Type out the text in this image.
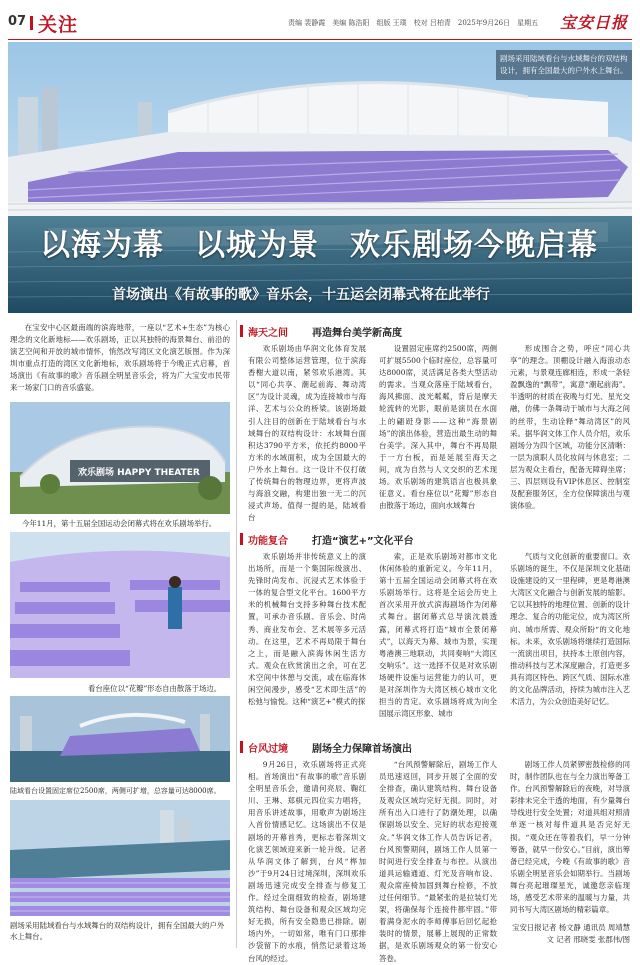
07 关注	责编 裴静霞　美编 陈浩阳　组版 王璞　校对 吕柏青　2025年9月26日　星期五 宝安日报
剧场采用陆域看台与水域舞台的双结构设计，拥有全国最大的户外水上舞台。
以海为幕　以城为景　欢乐剧场今晚启幕
首场演出《有故事的歌》音乐会，十五运会闭幕式将在此举行

在宝安中心区最南端的滨海地带，一座以“艺术+生态”为核心理念的文化新地标——欢乐剧场，正以其独特的海景舞台、前沿的演艺空间和开放的城市情怀，悄然改写湾区文化演艺版图。作为深圳市重点打造的湾区文化新地标，欢乐剧场将于今晚正式启幕，首场演出《有故事的歌》音乐剧全明星音乐会，将为广大宝安市民带来一场家门口的音乐盛宴。

欢乐剧场 HAPPY THEATER
今年11月，第十五届全国运动会闭幕式将在欢乐剧场举行。
看台座位以“花瓣”形态自由散落于场边。
陆域看台设置固定席位2500席，两侧可扩增，总容量可达8000席。
剧场采用陆域看台与水域舞台的双结构设计，拥有全国最大的户外水上舞台。
海天之间 再造舞台美学新高度

欢乐剧场由华润文化体育发展有限公司整体运营管理，位于滨海香榭大道以南，紧邻欢乐港湾。其以“同心共享、潮起前海、舞动湾区”为设计灵魂，成为连接城市与海洋、艺术与公众的桥梁。该剧场最引人注目的创新在于陆域看台与水域舞台的双结构设计：水域舞台面积达3790平方米，依托约8000平方米的水域面积，成为全国最大的户外水上舞台。这一设计不仅打破了传统舞台的物理边界，更将声波与海浪交融，构建出独一无二的沉浸式声场。值得一提的是，陆域看台

设置固定座席约2500席，两侧可扩展5500个临时座位，总容量可达8000席，灵活满足各类大型活动的需求。当观众落座于陆域看台，海风拂面、波光粼粼，背后是摩天轮流转的光影，眼前是演员在水面上的翩跹身影——这种“海景剧场”的演出体验，营造出最生动的舞台美学。深入其中，舞台不再局限于一方台板，而是延展至海天之间，成为自然与人文交织的艺术现场。欢乐剧场的建筑语言也极具象征意义。看台座位以“花瓣”形态自由散落于场边，面向水域舞台

形成围合之势，呼应“同心共享”的理念。顶棚设计融入海浪动态元素，与景观连廊相连，形成一条轻盈飘逸的“飘带”，寓意“潮起前海”。半透明的材质在夜晚与灯光、星光交融，仿佛一条舞动于城市与大海之间的丝带，生动诠释“舞动湾区”的风采。据华润文体工作人员介绍，欢乐剧场分为四个区域，功能分区清晰：一层为演职人员化妆间与休息室；二层为观众主看台，配备无障碍坐席；三、四层则设有VIP休息区、控制室及配套服务区，全方位保障演出与观演体验。

功能复合 打造“演艺+”文化平台

欢乐剧场并非传统意义上的演出场所，而是一个集国际级演出、先锋时尚发布、沉浸式艺术体验于一体的复合型文化平台。1600平方米的机械舞台支持多种舞台技术配置，可承办音乐剧、音乐会、时尚秀、商业发布会、艺术展等多元活动。在这里，艺术不再局限于舞台之上，而是融入滨海休闲生活方式。观众在欣赏演出之余，可在艺术空间中休憩与交流，或在临海休闲空间漫步，感受“艺术即生活”的松弛与愉悦。这种“演艺+”模式的探

索，正是欢乐剧场对都市文化休闲体验的重新定义。今年11月，第十五届全国运动会闭幕式将在欢乐剧场举行。这将是全运会历史上首次采用开放式滨海剧场作为闭幕式舞台。据闭幕式总导演沈晨透露，闭幕式将打造“城市全景闭幕式”，以海天为幕、城市为景，实现粤港澳三地联动，共同奏响“大湾区交响乐”。这一选择不仅是对欢乐剧场硬件设施与运营能力的认可，更是对深圳作为大湾区核心城市文化担当的肯定。欢乐剧场将成为向全国展示湾区形象、城市

气质与文化创新的重要窗口。欢乐剧场的诞生，不仅是深圳文化基础设施建设的又一里程碑，更是粤港澳大湾区文化融合与创新发展的缩影。它以其独特的地理位置、创新的设计理念、复合的功能定位，成为湾区所向、城市所需、观众所盼“的文化地标。未来，欢乐剧场将继续打造国际一流演出项目，扶持本土原创内容，推动科技与艺术深度融合，打造更多具有湾区特色、跨区气质、国际水准的文化品牌活动，持续为城市注入艺术活力，为公众创造美好记忆。

台风过境 剧场全力保障首场演出

9月26日，欢乐剧场将正式亮相。首场演出“有故事的歌”音乐剧全明星音乐会，邀请何亮辰、鞠红川、王琳、郑棋元四位实力唱将，用音乐讲述故事，用歌声为剧场注入首份情感记忆。这场演出不仅是剧场的开幕首秀，更标志着深圳文化演艺领域迎来新一轮升级。记者从华润文体了解到，台风“桦加沙”于9月24日过境深圳，深圳欢乐剧场迅速完成安全排查与修复工作。经过全面细致的检查，剧场建筑结构、舞台设备和观众区域均完好无损，所有安全隐患已排除。剧场内外，一切如常，唯有门口那排沙袋留下的水痕，悄然记录着这场台风的经过。

“台风预警解除后，剧场工作人员迅速返回，同步开展了全面的安全排查，确认建筑结构、舞台设备及观众区域均完好无损。同时，对所有出入口进行了防潮处理，以确保剧场以安全、完好的状态迎接观众。”华润文体工作人员告诉记者，台风预警期间，剧场工作人员第一时间进行安全排查与布控。从演出道具运输通道、灯光及音响布设、观众席座椅加固到舞台检修，不放过任何细节。“最紧张的是拉装灯光架，将确保每个连接件都牢固。”带着满身泥水的李师傅事后回忆起抢装时的情景，展幕上展现的正常数据，是欢乐剧场观众的第一份安心答卷。

剧场工作人员紧锣密鼓检修的同时，制作团队也在与全力演出筹备工作。台风预警解除后的夜晚，对导演彩排未完全干透的地面，有少量舞台导线进行安全处置；对道具组对照清单逐一核对每件道具是否完好无损。“观众还在等着我们，早一分钟筹备，就早一份安心。”目前，演出筹备已经完成，今晚《有故事的歌》音乐剧全明星音乐会如期举行。当剧场舞台亮起璀璨星光，诚邀您亲临现场，感受艺术带来的温暖与力量，共同书写大湾区剧场的精彩篇章。

宝安日报记者 杨文静 通讯员 周靖慧文 记者 邢晓雯 张郡伟/图
